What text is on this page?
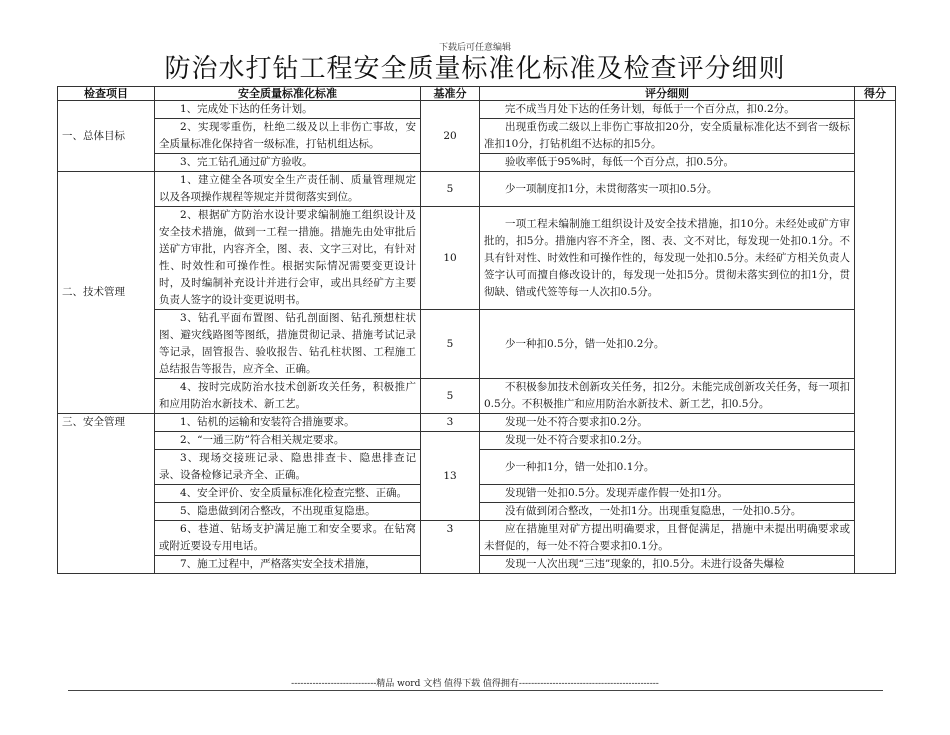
下载后可任意编辑
防治水打钻工程安全质量标准化标准及检查评分细则
检查项目	安全质量标准化标准	基准分	评分细则	得分
一、总体目标	1、完成处下达的任务计划。	20	完不成当月处下达的任务计划，每低于一个百分点，扣0.2分。	
	2、实现零重伤，杜绝二级及以上非伤亡事故，安全质量标准化保持省一级标准，打钻机组达标。		出现重伤或二级以上非伤亡事故扣20分，安全质量标准化达不到省一级标准扣10分，打钻机组不达标的扣5分。	
	3、完工钻孔通过矿方验收。		验收率低于95%时，每低一个百分点，扣0.5分。	
二、技术管理	1、建立健全各项安全生产责任制、质量管理规定以及各项操作规程等规定并贯彻落实到位。	5	少一项制度扣1分，未贯彻落实一项扣0.5分。	
	2、根据矿方防治水设计要求编制施工组织设计及安全技术措施，做到一工程一措施。措施先由处审批后送矿方审批，内容齐全，图、表、文字三对比，有针对性、时效性和可操作性。根据实际情况需要变更设计时，及时编制补充设计并进行会审，或出具经矿方主要负责人签字的设计变更说明书。	10	一项工程未编制施工组织设计及安全技术措施，扣10分。未经处或矿方审批的，扣5分。措施内容不齐全，图、表、文不对比，每发现一处扣0.1分。不具有针对性、时效性和可操作性的，每发现一处扣0.5分。未经矿方相关负责人签字认可而擅自修改设计的，每发现一处扣5分。贯彻未落实到位的扣1分，贯彻缺、错或代签等每一人次扣0.5分。	
	3、钻孔平面布置图、钻孔剖面图、钻孔预想柱状图、避灾线路图等图纸，措施贯彻记录、措施考试记录等记录，固管报告、验收报告、钻孔柱状图、工程施工总结报告等报告，应齐全、正确。	5	少一种扣0.5分，错一处扣0.2分。	
	4、按时完成防治水技术创新攻关任务，积极推广和应用防治水新技术、新工艺。	5	不积极参加技术创新攻关任务，扣2分。未能完成创新攻关任务，每一项扣0.5分。不积极推广和应用防治水新技术、新工艺，扣0.5分。	
三、安全管理	1、钻机的运输和安装符合措施要求。	3	发现一处不符合要求扣0.2分。	
	2、“一通三防”符合相关规定要求。	13	发现一处不符合要求扣0.2分。	
	3、现场交接班记录、隐患排查卡、隐患排查记录、设备检修记录齐全、正确。		少一种扣1分，错一处扣0.1分。	
	4、安全评价、安全质量标准化检查完整、正确。		发现错一处扣0.5分。发现弄虚作假一处扣1分。	
	5、隐患做到闭合整改，不出现重复隐患。		没有做到闭合整改，一处扣1分。出现重复隐患，一处扣0.5分。	
	6、巷道、钻场支护满足施工和安全要求。在钻窝或附近要设专用电话。	3	应在措施里对矿方提出明确要求，且督促满足，措施中未提出明确要求或未督促的，每一处不符合要求扣0.1分。	
	7、施工过程中，严格落实安全技术措施，		发现一人次出现“三违”现象的，扣0.5分。未进行设备失爆检	
----------------------------精品 word 文档 值得下载 值得拥有----------------------------------------------
